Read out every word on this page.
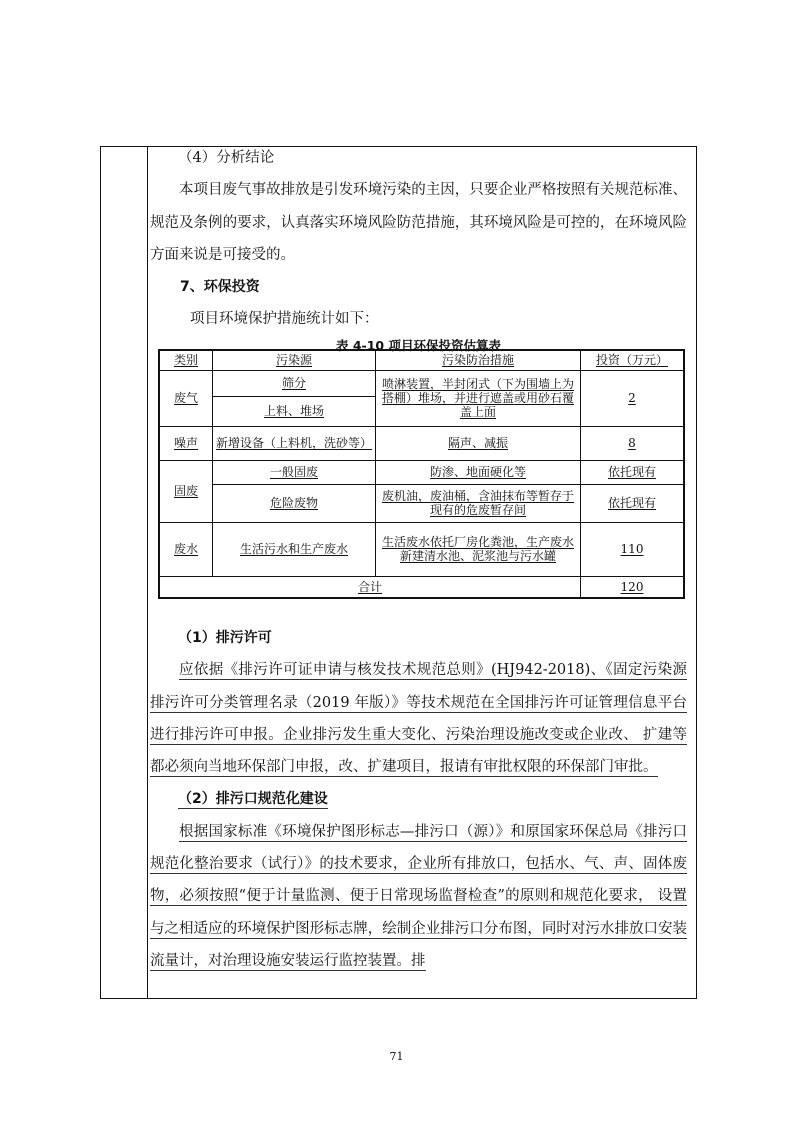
（4）分析结论

本项目废气事故排放是引发环境污染的主因，只要企业严格按照有关规范标准、规范及条例的要求，认真落实环境风险防范措施，其环境风险是可控的，在环境风险方面来说是可接受的。

7、环保投资

项目环境保护措施统计如下：

表 4-10 项目环保投资估算表

类别	污染源	污染防治措施	投资（万元）
废气	筛分	喷淋装置，半封闭式（下为围墙上为搭棚）堆场，并进行遮盖或用砂石覆盖上面	2
	上料、堆场		
噪声	新增设备（上料机，洗砂等）	隔声、减振	8
固废	一般固废	防渗、地面硬化等	依托现有
	危险废物	废机油，废油桶，含油抹布等暂存于现有的危废暂存间	依托现有
废水	生活污水和生产废水	生活废水依托厂房化粪池，生产废水新建清水池、泥浆池与污水罐	110
合计			120

（1）排污许可

应依据《排污许可证申请与核发技术规范总则》(HJ942-2018)、《固定污染源排污许可分类管理名录（2019 年版）》等技术规范在全国排污许可证管理信息平台进行排污许可申报。企业排污发生重大变化、污染治理设施改变或企业改、 扩建等都必须向当地环保部门申报，改、扩建项目，报请有审批权限的环保部门审批。

（2）排污口规范化建设

根据国家标准《环境保护图形标志—排污口（源）》和原国家环保总局《排污口规范化整治要求（试行）》的技术要求，企业所有排放口，包括水、气、声、固体废物，必须按照“便于计量监测、便于日常现场监督检查”的原则和规范化要求， 设置与之相适应的环境保护图形标志牌，绘制企业排污口分布图，同时对污水排放口安装流量计，对治理设施安装运行监控装置。排

71
